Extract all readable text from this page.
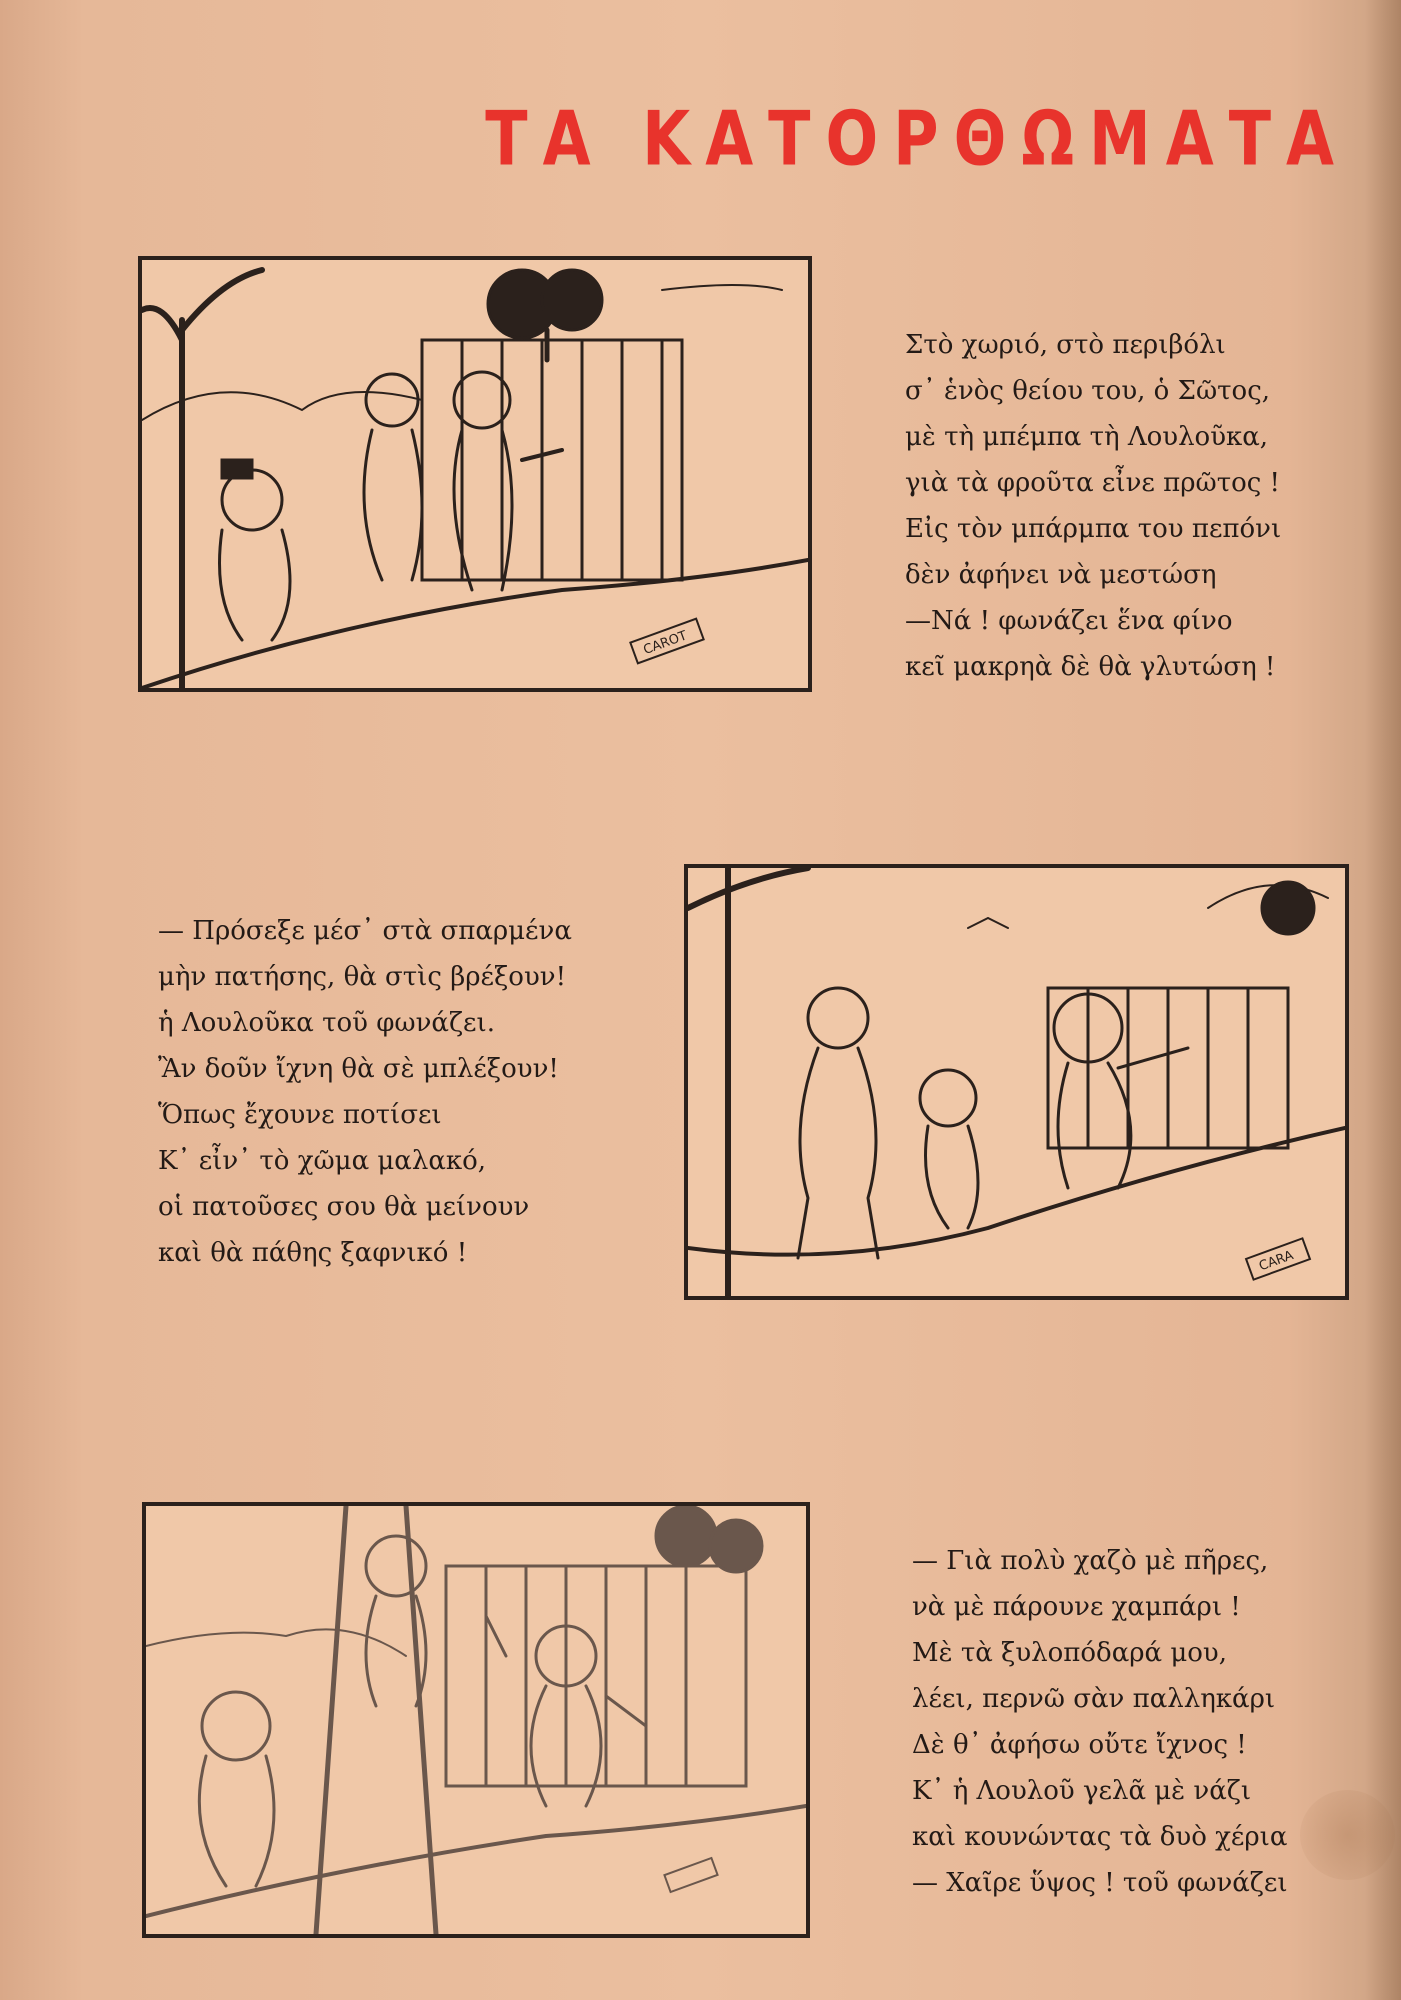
ΤΑ ΚΑΤΟΡΘΩΜΑΤΑ
CAROT
CARA
Στὸ χωριό, στὸ περιβόλι
σ᾽ ἑνὸς θείου του, ὁ Σῶτος,
μὲ τὴ μπέμπα τὴ Λουλοῦκα,
γιὰ τὰ φροῦτα εἶνε πρῶτος !
Εἰς τὸν μπάρμπα του πεπόνι
δὲν ἀφήνει νὰ μεστώση
—Νά ! φωνάζει ἕνα φίνο
κεῖ μακρηὰ δὲ θὰ γλυτώση !
— Πρόσεξε μέσ᾽ στὰ σπαρμένα
μὴν πατήσης, θὰ στὶς βρέξουν!
ἡ Λουλοῦκα τοῦ φωνάζει.
Ἂν δοῦν ἴχνη θὰ σὲ μπλέξουν!
Ὅπως ἔχουνε ποτίσει
Κ᾽ εἶν᾽ τὸ χῶμα μαλακό,
οἱ πατοῦσες σου θὰ μείνουν
καὶ θὰ πάθης ξαφνικό !
— Γιὰ πολὺ χαζὸ μὲ πῆρες,
νὰ μὲ πάρουνε χαμπάρι !
Μὲ τὰ ξυλοπόδαρά μου,
λέει, περνῶ σὰν παλληκάρι
Δὲ θ᾽ ἀφήσω οὔτε ἴχνος !
Κ᾽ ἡ Λουλοῦ γελᾶ μὲ νάζι
καὶ κουνώντας τὰ δυὸ χέρια
— Χαῖρε ὕψος ! τοῦ φωνάζει
